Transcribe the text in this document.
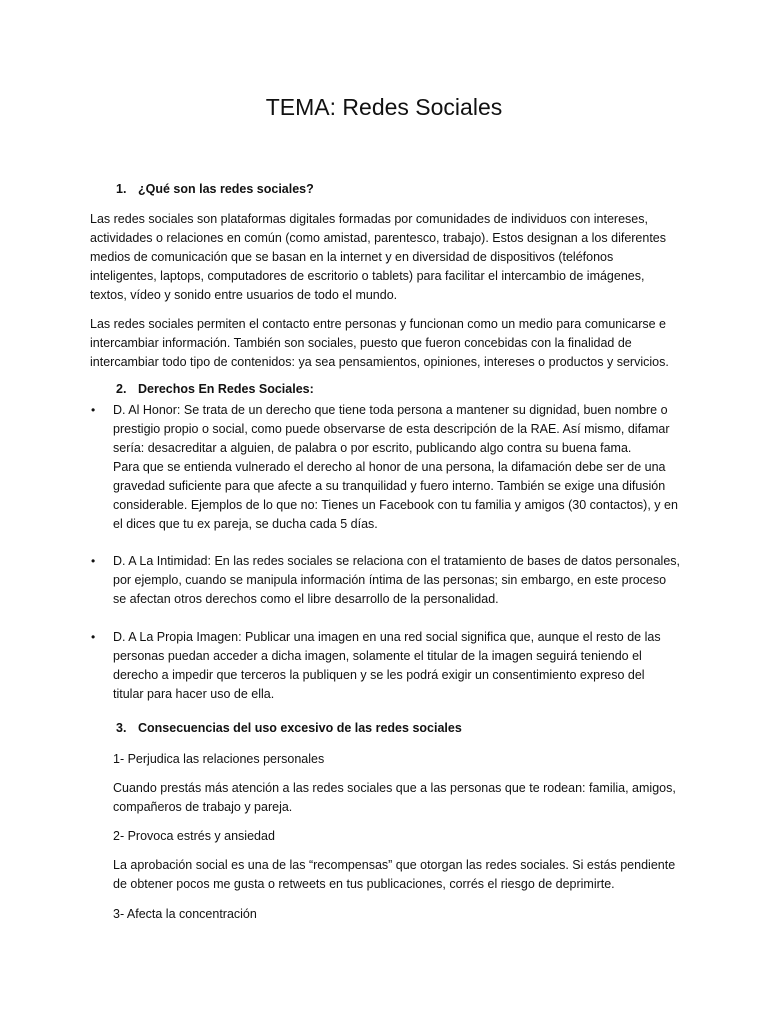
TEMA: Redes Sociales
1. ¿Qué son las redes sociales?
Las redes sociales son plataformas digitales formadas por comunidades de individuos con intereses,
actividades o relaciones en común (como amistad, parentesco, trabajo). Estos designan a los diferentes
medios de comunicación que se basan en la internet y en diversidad de dispositivos (teléfonos
inteligentes, laptops, computadores de escritorio o tablets) para facilitar el intercambio de imágenes,
textos, vídeo y sonido entre usuarios de todo el mundo.
Las redes sociales permiten el contacto entre personas y funcionan como un medio para comunicarse e
intercambiar información. También son sociales, puesto que fueron concebidas con la finalidad de
intercambiar todo tipo de contenidos: ya sea pensamientos, opiniones, intereses o productos y servicios.
2. Derechos En Redes Sociales:
• D. Al Honor: Se trata de un derecho que tiene toda persona a mantener su dignidad, buen nombre o
prestigio propio o social, como puede observarse de esta descripción de la RAE. Así mismo, difamar
sería: desacreditar a alguien, de palabra o por escrito, publicando algo contra su buena fama.
Para que se entienda vulnerado el derecho al honor de una persona, la difamación debe ser de una
gravedad suficiente para que afecte a su tranquilidad y fuero interno. También se exige una difusión
considerable. Ejemplos de lo que no: Tienes un Facebook con tu familia y amigos (30 contactos), y en
el dices que tu ex pareja, se ducha cada 5 días.
• D. A La Intimidad: En las redes sociales se relaciona con el tratamiento de bases de datos personales,
por ejemplo, cuando se manipula información íntima de las personas; sin embargo, en este proceso
se afectan otros derechos como el libre desarrollo de la personalidad.
• D. A La Propia Imagen: Publicar una imagen en una red social significa que, aunque el resto de las
personas puedan acceder a dicha imagen, solamente el titular de la imagen seguirá teniendo el
derecho a impedir que terceros la publiquen y se les podrá exigir un consentimiento expreso del
titular para hacer uso de ella.
3. Consecuencias del uso excesivo de las redes sociales
1- Perjudica las relaciones personales
Cuando prestás más atención a las redes sociales que a las personas que te rodean: familia, amigos,
compañeros de trabajo y pareja.
2- Provoca estrés y ansiedad
La aprobación social es una de las “recompensas” que otorgan las redes sociales. Si estás pendiente
de obtener pocos me gusta o retweets en tus publicaciones, corrés el riesgo de deprimirte.
3- Afecta la concentración
